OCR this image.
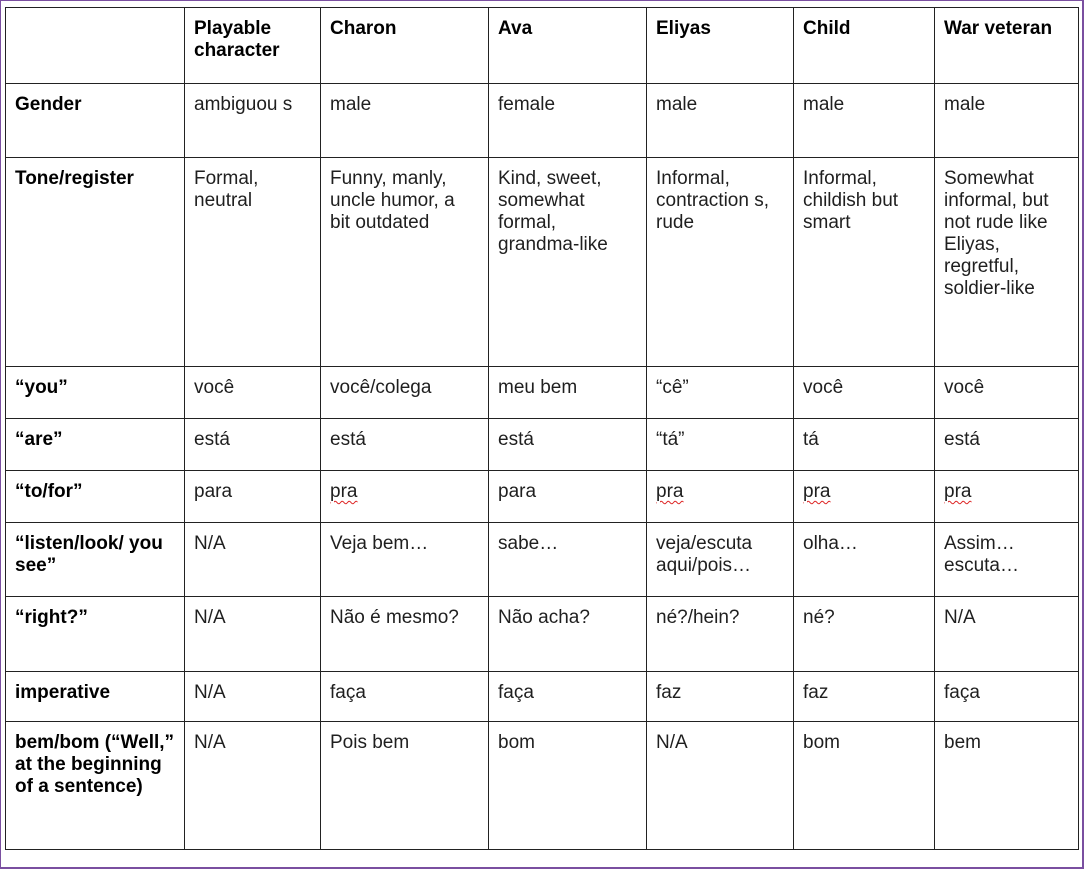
	Playable character	Charon	Ava	Eliyas	Child	War veteran
Gender	ambiguou s	male	female	male	male	male
Tone/register	Formal, neutral	Funny, manly, uncle humor, a bit outdated	Kind, sweet, somewhat formal, grandma-like	Informal, contraction s, rude	Informal, childish but smart	Somewhat informal, but not rude like Eliyas, regretful, soldier-like
“you”	você	você/colega	meu bem	“cê”	você	você
“are”	está	está	está	“tá”	tá	está
“to/for”	para	pra	para	pra	pra	pra
“listen/look/ you see”	N/A	Veja bem…	sabe…	veja/escuta aqui/pois…	olha…	Assim… escuta…
“right?”	N/A	Não é mesmo?	Não acha?	né?/hein?	né?	N/A
imperative	N/A	faça	faça	faz	faz	faça
bem/bom (“Well,” at the beginning of a sentence)	N/A	Pois bem	bom	N/A	bom	bem
